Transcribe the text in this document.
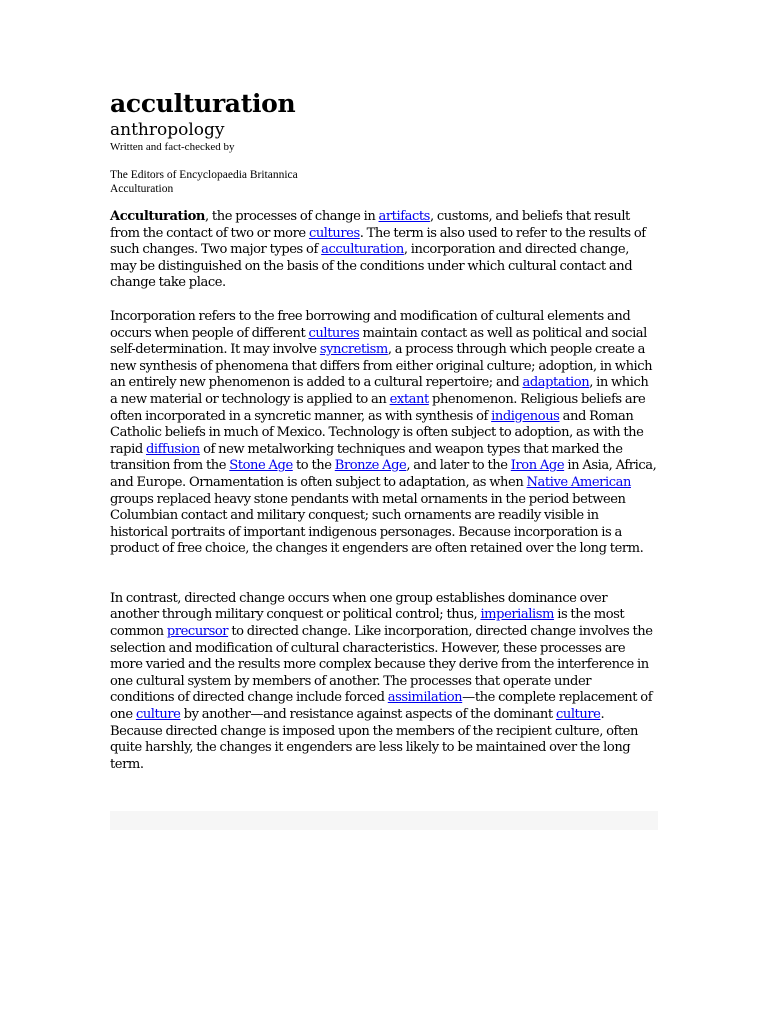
acculturation

anthropology

Written and fact-checked by

The Editors of Encyclopaedia Britannica

Acculturation

Acculturation, the processes of change in artifacts, customs, and beliefs that result from the contact of two or more cultures. The term is also used to refer to the results of such changes. Two major types of acculturation, incorporation and directed change, may be distinguished on the basis of the conditions under which cultural contact and change take place.

Incorporation refers to the free borrowing and modification of cultural elements and occurs when people of different cultures maintain contact as well as political and social self-determination. It may involve syncretism, a process through which people create a new synthesis of phenomena that differs from either original culture; adoption, in which an entirely new phenomenon is added to a cultural repertoire; and adaptation, in which a new material or technology is applied to an extant phenomenon. Religious beliefs are often incorporated in a syncretic manner, as with synthesis of indigenous and Roman Catholic beliefs in much of Mexico. Technology is often subject to adoption, as with the rapid diffusion of new metalworking techniques and weapon types that marked the transition from the Stone Age to the Bronze Age, and later to the Iron Age in Asia, Africa, and Europe. Ornamentation is often subject to adaptation, as when Native American groups replaced heavy stone pendants with metal ornaments in the period between Columbian contact and military conquest; such ornaments are readily visible in historical portraits of important indigenous personages. Because incorporation is a product of free choice, the changes it engenders are often retained over the long term.

In contrast, directed change occurs when one group establishes dominance over another through military conquest or political control; thus, imperialism is the most common precursor to directed change. Like incorporation, directed change involves the selection and modification of cultural characteristics. However, these processes are more varied and the results more complex because they derive from the interference in one cultural system by members of another. The processes that operate under conditions of directed change include forced assimilation—the complete replacement of one culture by another—and resistance against aspects of the dominant culture. Because directed change is imposed upon the members of the recipient culture, often quite harshly, the changes it engenders are less likely to be maintained over the long term.
